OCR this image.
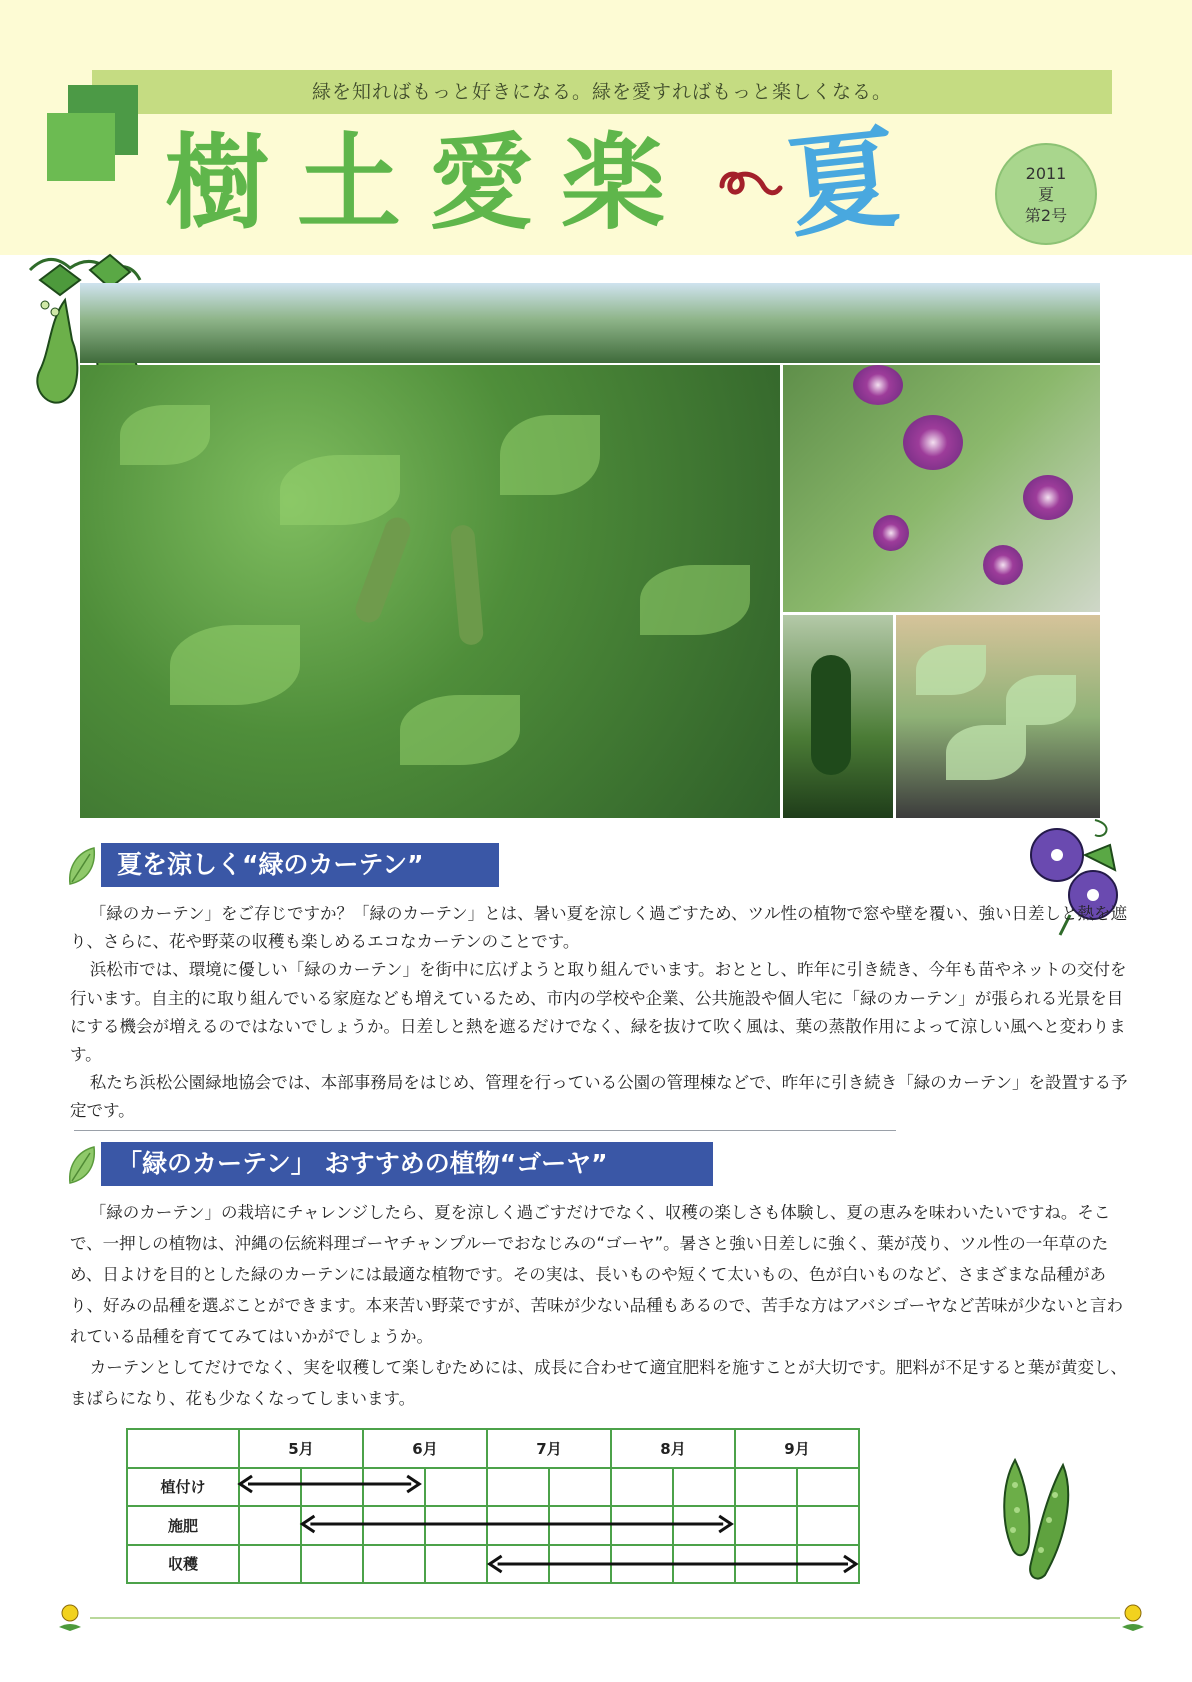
緑を知ればもっと好きになる。緑を愛すればもっと楽しくなる。
樹土愛楽 夏	2011
夏
第2号
夏を涼しく“緑のカーテン”

「緑のカーテン」をご存じですか？「緑のカーテン」とは、暑い夏を涼しく過ごすため、ツル性の植物で窓や壁を覆い、強い日差しと熱を遮り、さらに、花や野菜の収穫も楽しめるエコなカーテンのことです。

浜松市では、環境に優しい「緑のカーテン」を街中に広げようと取り組んでいます。おととし、昨年に引き続き、今年も苗やネットの交付を行います。自主的に取り組んでいる家庭なども増えているため、市内の学校や企業、公共施設や個人宅に「緑のカーテン」が張られる光景を目にする機会が増えるのではないでしょうか。日差しと熱を遮るだけでなく、緑を抜けて吹く風は、葉の蒸散作用によって涼しい風へと変わります。

私たち浜松公園緑地協会では、本部事務局をはじめ、管理を行っている公園の管理棟などで、昨年に引き続き「緑のカーテン」を設置する予定です。

「緑のカーテン」 おすすめの植物“ゴーヤ”

「緑のカーテン」の栽培にチャレンジしたら、夏を涼しく過ごすだけでなく、収穫の楽しさも体験し、夏の恵みを味わいたいですね。そこで、一押しの植物は、沖縄の伝統料理ゴーヤチャンプルーでおなじみの“ゴーヤ”。暑さと強い日差しに強く、葉が茂り、ツル性の一年草のため、日よけを目的とした緑のカーテンには最適な植物です。その実は、長いものや短くて太いもの、色が白いものなど、さまざまな品種があり、好みの品種を選ぶことができます。本来苦い野菜ですが、苦味が少ない品種もあるので、苦手な方はアバシゴーヤなど苦味が少ないと言われている品種を育ててみてはいかがでしょうか。

カーテンとしてだけでなく、実を収穫して楽しむためには、成長に合わせて適宜肥料を施すことが大切です。肥料が不足すると葉が黄変し、まばらになり、花も少なくなってしまいます。

	5月		6月		7月		8月		9月	
植付け										
施肥										
収穫										
